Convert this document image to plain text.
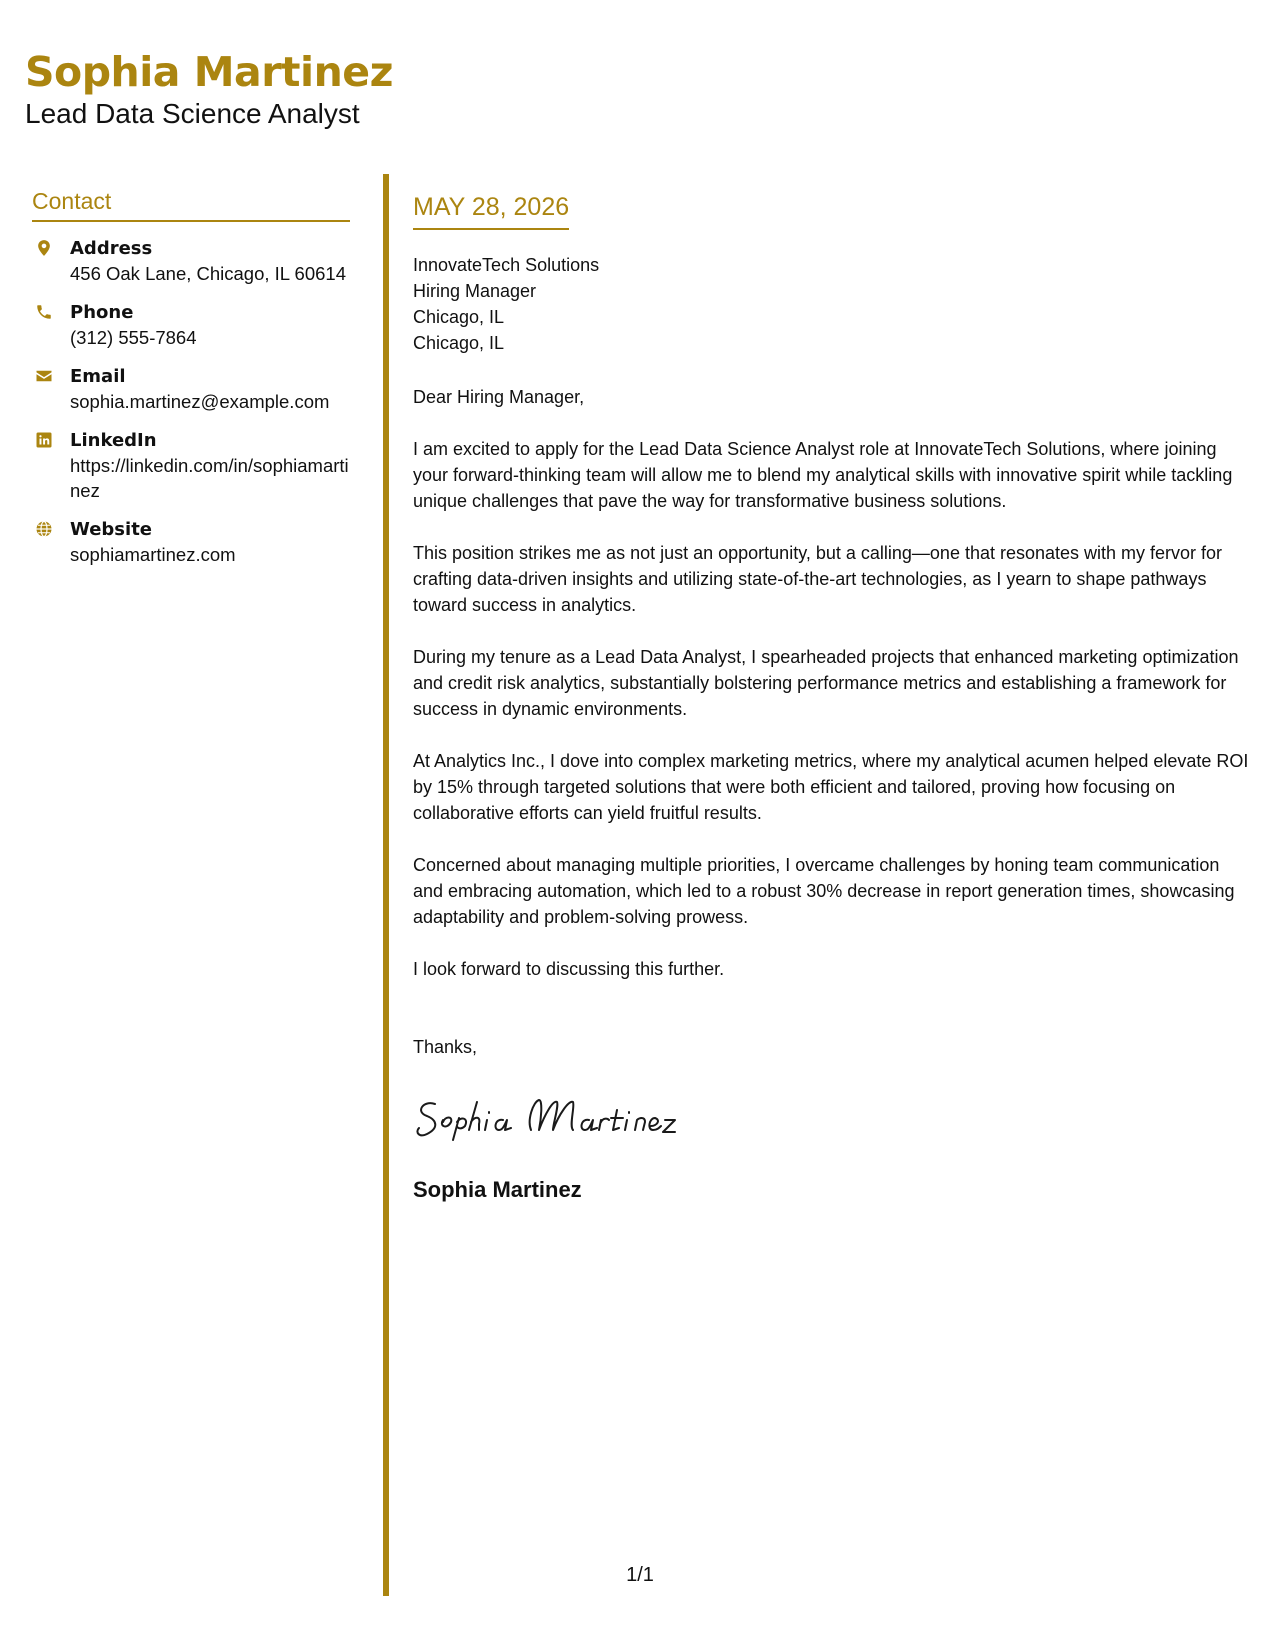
Sophia Martinez
Lead Data Science Analyst
Contact
Address
456 Oak Lane, Chicago, IL 60614
Phone
(312) 555-7864
Email
sophia.martinez@example.com
LinkedIn
https://linkedin.com/in/sophiamartinez
Website
sophiamartinez.com
MAY 28, 2026
InnovateTech Solutions
Hiring Manager
Chicago, IL
Chicago, IL
Dear Hiring Manager,
I am excited to apply for the Lead Data Science Analyst role at InnovateTech Solutions, where joining your forward-thinking team will allow me to blend my analytical skills with innovative spirit while tackling unique challenges that pave the way for transformative business solutions.
This position strikes me as not just an opportunity, but a calling—one that resonates with my fervor for crafting data-driven insights and utilizing state-of-the-art technologies, as I yearn to shape pathways toward success in analytics.
During my tenure as a Lead Data Analyst, I spearheaded projects that enhanced marketing optimization and credit risk analytics, substantially bolstering performance metrics and establishing a framework for success in dynamic environments.
At Analytics Inc., I dove into complex marketing metrics, where my analytical acumen helped elevate ROI by 15% through targeted solutions that were both efficient and tailored, proving how focusing on collaborative efforts can yield fruitful results.
Concerned about managing multiple priorities, I overcame challenges by honing team communication and embracing automation, which led to a robust 30% decrease in report generation times, showcasing adaptability and problem-solving prowess.
I look forward to discussing this further.
Thanks,
Sophia Martinez
1/1
